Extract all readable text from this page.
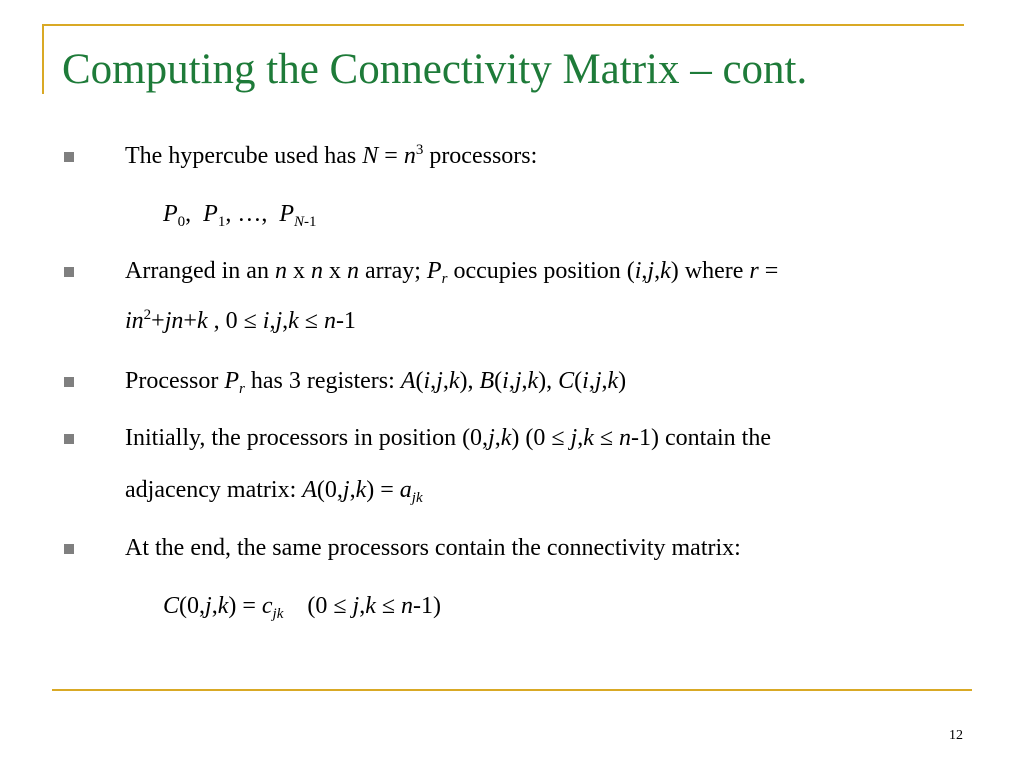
Computing the Connectivity Matrix – cont.
The hypercube used has $N = n^3$ processors:
$P_0$,  $P_1$, …,  $P_{N-1}$
Arranged in an n x n x n array; $P_r$ occupies position (i,j,k) where r =
$in^2+jn+k$ , 0 ≤ i,j,k ≤ n-1
Processor $P_r$ has 3 registers: A(i,j,k), B(i,j,k), C(i,j,k)
Initially, the processors in position (0,j,k) (0 ≤ j,k ≤ n-1) contain the
adjacency matrix: $A(0,j,k) = a_{jk}$
At the end, the same processors contain the connectivity matrix:
$C(0,j,k) = c_{jk}$    (0 ≤ j,k ≤ n-1)
12
